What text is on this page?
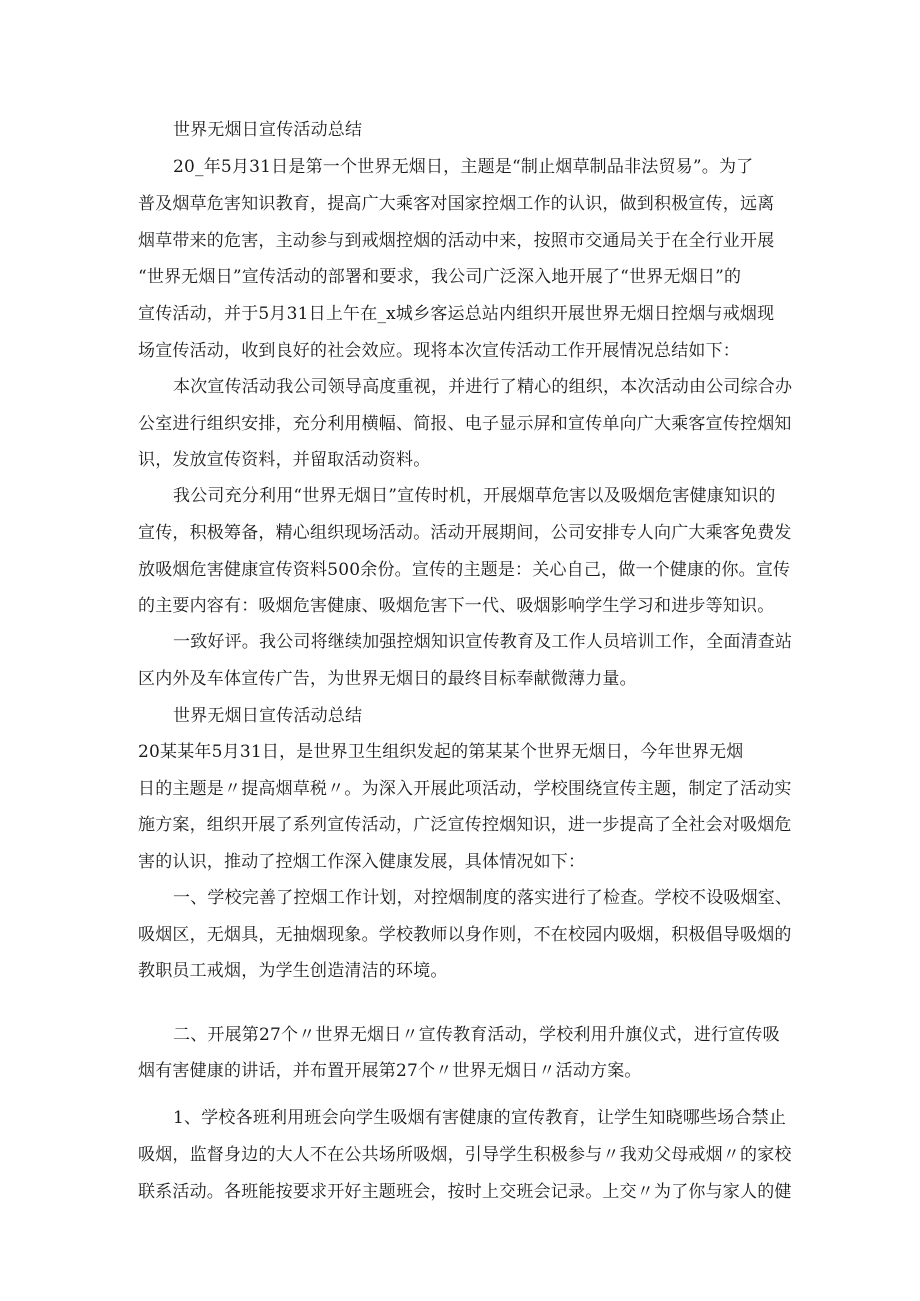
世界无烟日宣传活动总结

20_年5月31日是第一个世界无烟日，主题是“制止烟草制品非法贸易”。为了

普及烟草危害知识教育，提高广大乘客对国家控烟工作的认识，做到积极宣传，远离

烟草带来的危害，主动参与到戒烟控烟的活动中来，按照市交通局关于在全行业开展

“世界无烟日”宣传活动的部署和要求，我公司广泛深入地开展了“世界无烟日”的

宣传活动，并于5月31日上午在_x城乡客运总站内组织开展世界无烟日控烟与戒烟现

场宣传活动，收到良好的社会效应。现将本次宣传活动工作开展情况总结如下：

本次宣传活动我公司领导高度重视，并进行了精心的组织，本次活动由公司综合办

公室进行组织安排，充分利用横幅、简报、电子显示屏和宣传单向广大乘客宣传控烟知

识，发放宣传资料，并留取活动资料。

我公司充分利用“世界无烟日”宣传时机，开展烟草危害以及吸烟危害健康知识的

宣传，积极筹备，精心组织现场活动。活动开展期间，公司安排专人向广大乘客免费发

放吸烟危害健康宣传资料500余份。宣传的主题是：关心自己，做一个健康的你。宣传

的主要内容有：吸烟危害健康、吸烟危害下一代、吸烟影响学生学习和进步等知识。

一致好评。我公司将继续加强控烟知识宣传教育及工作人员培训工作，全面清查站

区内外及车体宣传广告，为世界无烟日的最终目标奉献微薄力量。

世界无烟日宣传活动总结

20某某年5月31日，是世界卫生组织发起的第某某个世界无烟日，今年世界无烟

日的主题是〃提高烟草税〃。为深入开展此项活动，学校围绕宣传主题，制定了活动实

施方案，组织开展了系列宣传活动，广泛宣传控烟知识，进一步提高了全社会对吸烟危

害的认识，推动了控烟工作深入健康发展，具体情况如下：

一、学校完善了控烟工作计划，对控烟制度的落实进行了检查。学校不设吸烟室、

吸烟区，无烟具，无抽烟现象。学校教师以身作则，不在校园内吸烟，积极倡导吸烟的

教职员工戒烟，为学生创造清洁的环境。

二、开展第27个〃世界无烟日〃宣传教育活动，学校利用升旗仪式，进行宣传吸

烟有害健康的讲话，并布置开展第27个〃世界无烟日〃活动方案。

1、学校各班利用班会向学生吸烟有害健康的宣传教育，让学生知晓哪些场合禁止

吸烟，监督身边的大人不在公共场所吸烟，引导学生积极参与〃我劝父母戒烟〃的家校

联系活动。各班能按要求开好主题班会，按时上交班会记录。上交〃为了你与家人的健
